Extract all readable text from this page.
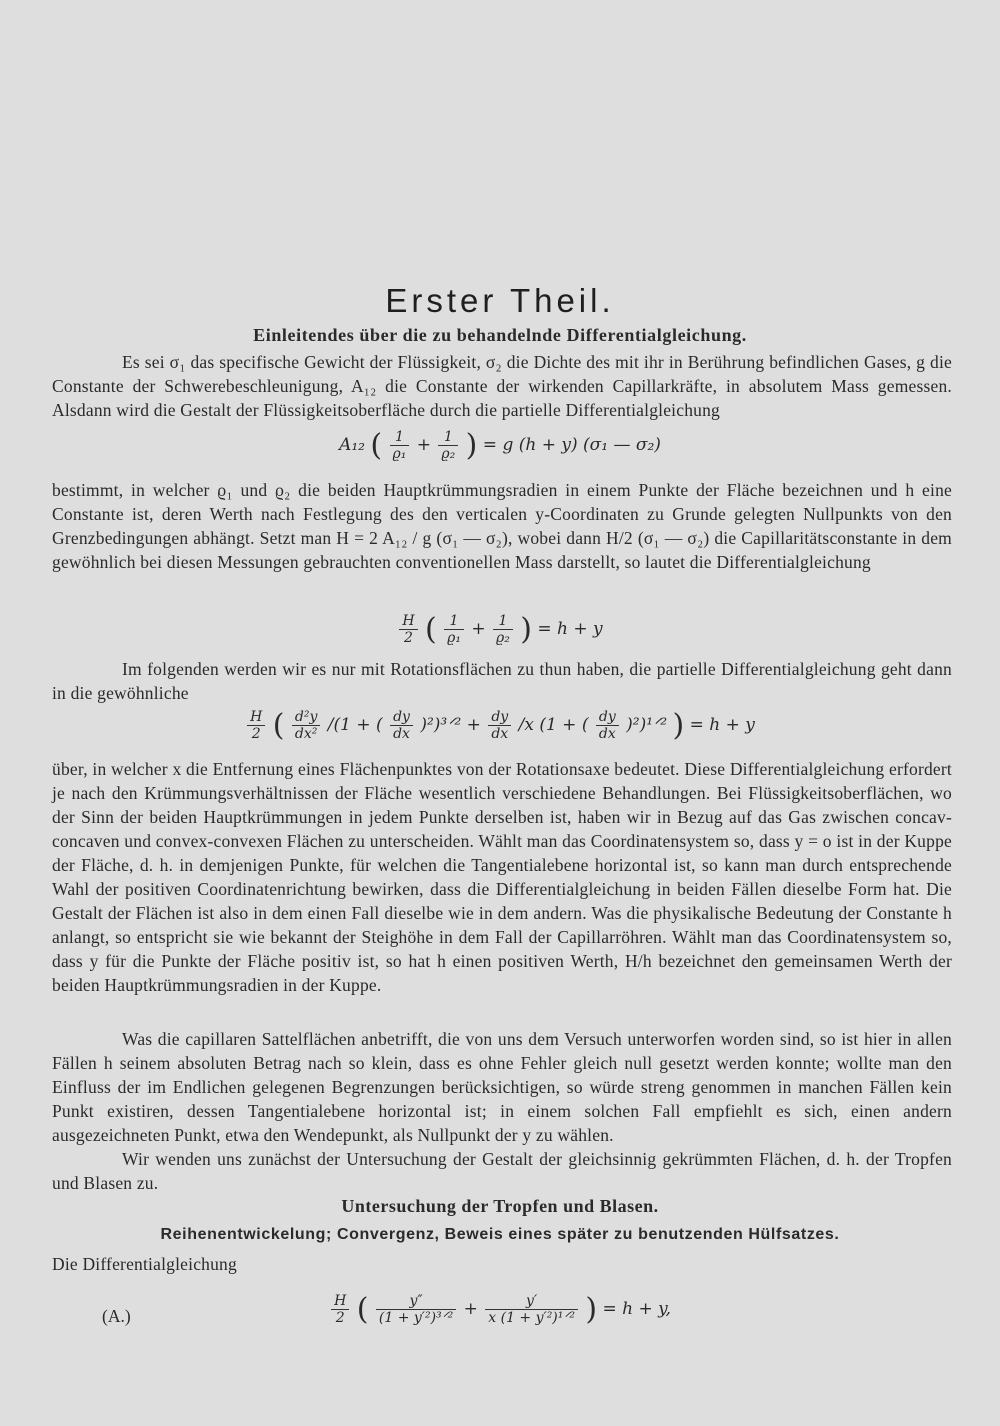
Erster Theil.
Einleitendes über die zu behandelnde Differentialgleichung.
Es sei σ₁ das specifische Gewicht der Flüssigkeit, σ₂ die Dichte des mit ihr in Berührung befindlichen Gases, g die Constante der Schwerebeschleunigung, A₁₂ die Constante der wirkenden Capillarkräfte, in absolutem Mass gemessen. Alsdann wird die Gestalt der Flüssigkeitsoberfläche durch die partielle Differentialgleichung
A₁₂ ( $\frac{1}{\text{ϱ₁}} + \frac{1}{\text{ϱ₂}}$ ) = g (h + y) (σ₁ — σ₂)
bestimmt, in welcher ϱ₁ und ϱ₂ die beiden Hauptkrümmungsradien in einem Punkte der Fläche bezeichnen und h eine Constante ist, deren Werth nach Festlegung des den verticalen y-Coordinaten zu Grunde gelegten Nullpunkts von den Grenzbedingungen abhängt. Setzt man H = 2 A₁₂ / g (σ₁ — σ₂), wobei dann H/2 (σ₁ — σ₂) die Capillaritätsconstante in dem gewöhnlich bei diesen Messungen gebrauchten conventionellen Mass darstellt, so lautet die Differentialgleichung
$\frac{H}{2}$ ( $\frac{1}{\text{ϱ₁}} + \frac{1}{\text{ϱ₂}}$ ) = h + y
Im folgenden werden wir es nur mit Rotationsflächen zu thun haben, die partielle Differentialgleichung geht dann in die gewöhnliche
$\frac{H}{2}$ ( $\frac{\text{d²y}}{\text{dx²}} /(1$ + ( $\frac{dy}{dx}$ )²)³ᐟ² + $\frac{dy}{dx} /x$ (1 + ( $\frac{dy}{dx}$ )²)¹ᐟ² ) = h + y
über, in welcher x die Entfernung eines Flächenpunktes von der Rotationsaxe bedeutet. Diese Differentialgleichung erfordert je nach den Krümmungsverhältnissen der Fläche wesentlich verschiedene Behandlungen. Bei Flüssigkeitsoberflächen, wo der Sinn der beiden Hauptkrümmungen in jedem Punkte derselben ist, haben wir in Bezug auf das Gas zwischen concav-concaven und convex-convexen Flächen zu unterscheiden. Wählt man das Coordinatensystem so, dass y = o ist in der Kuppe der Fläche, d. h. in demjenigen Punkte, für welchen die Tangentialebene horizontal ist, so kann man durch entsprechende Wahl der positiven Coordinatenrichtung bewirken, dass die Differentialgleichung in beiden Fällen dieselbe Form hat. Die Gestalt der Flächen ist also in dem einen Fall dieselbe wie in dem andern. Was die physikalische Bedeutung der Constante h anlangt, so entspricht sie wie bekannt der Steighöhe in dem Fall der Capillarröhren. Wählt man das Coordinatensystem so, dass y für die Punkte der Fläche positiv ist, so hat h einen positiven Werth, H/h bezeichnet den gemeinsamen Werth der beiden Hauptkrümmungsradien in der Kuppe.
Was die capillaren Sattelflächen anbetrifft, die von uns dem Versuch unterworfen worden sind, so ist hier in allen Fällen h seinem absoluten Betrag nach so klein, dass es ohne Fehler gleich null gesetzt werden konnte; wollte man den Einfluss der im Endlichen gelegenen Begrenzungen berücksichtigen, so würde streng genommen in manchen Fällen kein Punkt existiren, dessen Tangentialebene horizontal ist; in einem solchen Fall empfiehlt es sich, einen andern ausgezeichneten Punkt, etwa den Wendepunkt, als Nullpunkt der y zu wählen.
Wir wenden uns zunächst der Untersuchung der Gestalt der gleichsinnig gekrümmten Flächen, d. h. der Tropfen und Blasen zu.
Untersuchung der Tropfen und Blasen.
Reihenentwickelung; Convergenz, Beweis eines später zu benutzenden Hülfsatzes.
Die Differentialgleichung
(A.)	$\frac{H}{2}$ ( $\frac{y''}{\text{(1 + y′²)³ᐟ²}} + \frac{y'}{\text{x (1 + y′²)¹ᐟ²}}$ ) = h + y,
